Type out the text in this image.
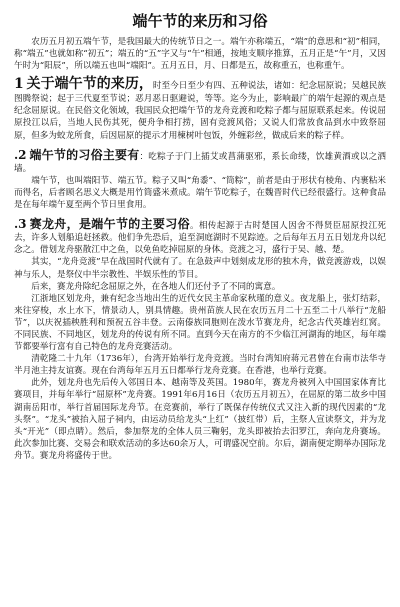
端午节的来历和习俗

农历五月初五端午节，是我国最大的传统节日之一。端午亦称端五，“端”的意思和“初”相同，称“端五”也就如称“初五”；端五的“五”字又与“午”相通，按地支顺序推算，五月正是“午”月，又因午时为“阳辰”，所以端五也叫“端阳”。五月五日，月、日都是五，故称重五，也称重午。

1 关于端午节的来历，时至今日至少有四、五种说法，诸如：纪念屈原说；吴越民族图腾祭说；起于三代夏至节说；恶月恶日驱避说，等等。迄今为止，影响最广的端午起源的观点是纪念屈原说。在民俗文化领域，我国民众把端午节的龙舟竞渡和吃粽子都与屈原联系起来。传说屈原投江以后，当地人民伤其死，便舟争相打捞，固有竞渡风俗；又说人们常放食品到水中致祭屈原，但多为蛟龙所食，后因屈原的提示才用楝树叶包饭，外缠彩丝，做成后来的粽子样。

.2 端午节的习俗主要有：吃粽子于门上插艾或菖蒲驱邪，系长命缕，饮雄黄酒或以之洒墙。

端午节，也叫端阳节、端五节。粽子又叫“角黍”、“筒粽”，前者是由于形状有棱角、内裹粘米而得名，后者顾名思义大概是用竹筒盛米煮成。端午节吃粽子，在魏晋时代已经很盛行。这种食品是在每年端午夏至两个节日里食用。

.3 赛龙舟，是端午节的主要习俗。相传起源于古时楚国人因舍不得贤臣屈原投江死去，许多人划船追赶拯救。他们争先恐后，追至洞庭湖时不见踪迹。之后每年五月五日划龙舟以纪念之。借划龙舟驱散江中之鱼，以免鱼吃掉屈原的身体。竞渡之习，盛行于吴、越、楚。

其实，“龙舟竞渡”早在战国时代就有了。在急鼓声中划刻成龙形的独木舟，做竞渡游戏，以娱神与乐人，是祭仪中半宗教性、半娱乐性的节目。

后来，赛龙舟除纪念屈原之外，在各地人们还付予了不同的寓意。

江浙地区划龙舟，兼有纪念当地出生的近代女民主革命家秋瑾的意义。夜龙船上，张灯结彩，来往穿梭，水上水下，情景动人，别具情趣。贵州苗族人民在农历五月二十五至二十八举行“龙船节”，以庆祝插秧胜利和预祝五谷丰登。云南傣族同胞则在泼水节赛龙舟，纪念古代英雄岩红窝。不同民族、不同地区，划龙舟的传说有所不同。直到今天在南方的不少临江河湖海的地区，每年端节都要举行富有自己特色的龙舟竞赛活动。

清乾隆二十九年（1736年），台湾开始举行龙舟竞渡。当时台湾知府蒋元君曾在台南市法华寺半月池主持友谊赛。现在台湾每年五月五日都举行龙舟竞赛。在香港，也举行竞赛。

此外，划龙舟也先后传入邻国日本、越南等及英国。1980年，赛龙舟被列入中国国家体育比赛项目，并每年举行“屈原杯”龙舟赛。1991年6月16日（农历五月初五），在屈原的第二故乡中国湖南岳阳市，举行首届国际龙舟节。在竞赛前，举行了既保存传统仪式又注入新的现代因素的“龙头祭”。“龙头”被抬入屈子祠内，由运动员给龙头“上红”（披红带）后，主祭人宣读祭文，并为龙头“开光”（即点睛）。然后，参加祭龙的全体人员三鞠躬，龙头即被抬去汨罗江，奔向龙舟赛场。此次参加比赛、交易会和联欢活动的多达60余万人，可谓盛况空前。尔后，湖南便定期举办国际龙舟节。赛龙舟将盛传于世。
